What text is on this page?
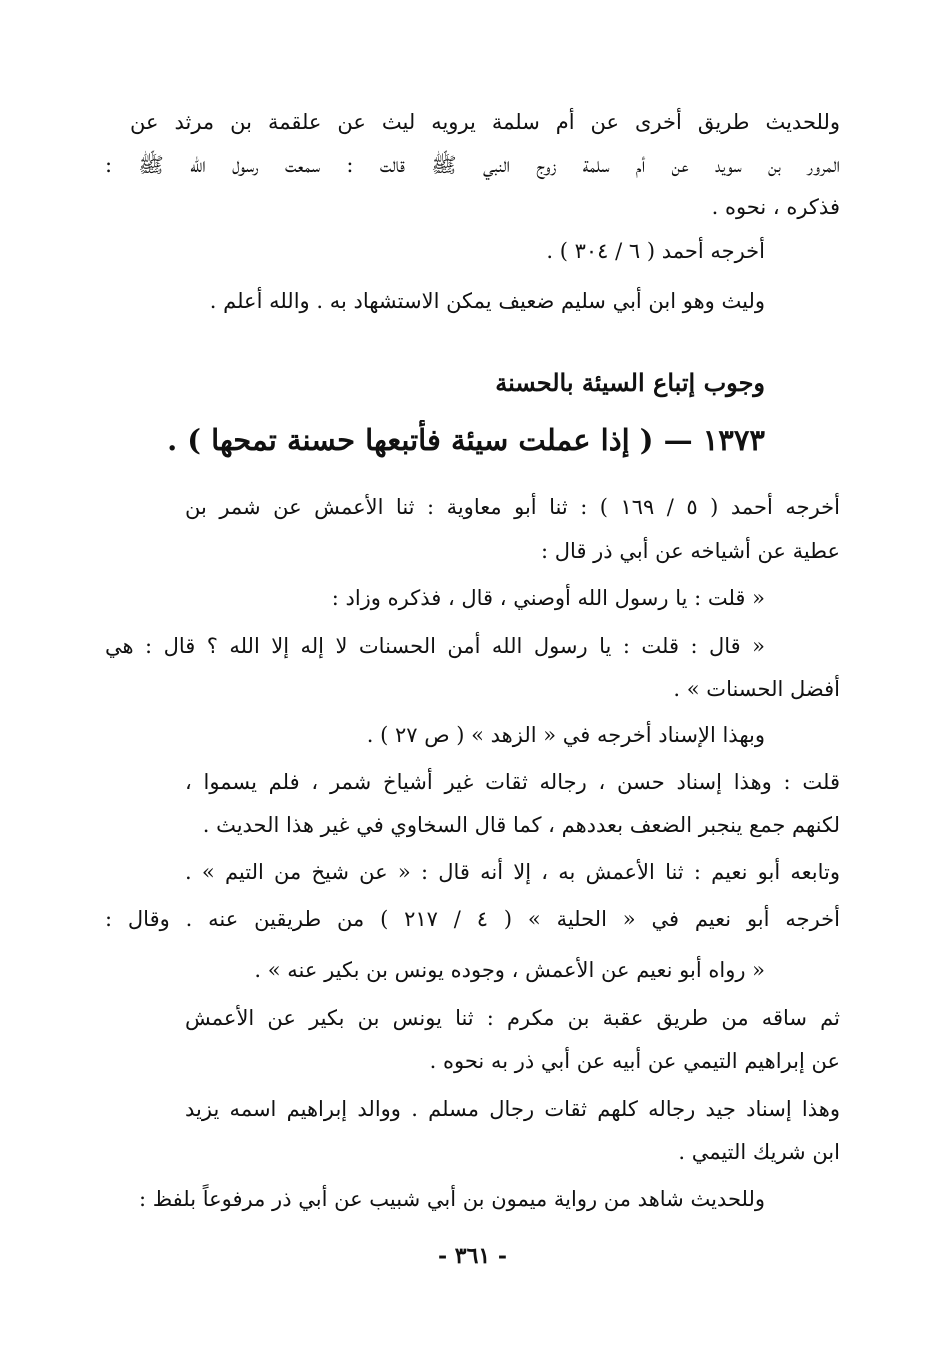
وللحديث طريق أخرى عن أم سلمة يرويه ليث عن علقمة بن مرثد عن
المرور بن سويد عن أم سلمة زوج النبي ﷺ قالت : سمعت رسول الله ﷺ :
فذكره ، نحوه .
أخرجه أحمد ( ٦ / ٣٠٤ ) .
وليث وهو ابن أبي سليم ضعيف يمكن الاستشهاد به . والله أعلم .
وجوب إتباع السيئة بالحسنة
١٣٧٣ — ( إذا عملت سيئة فأتبعها حسنة تمحها ) .
أخرجه أحمد ( ٥ / ١٦٩ ) : ثنا أبو معاوية : ثنا الأعمش عن شمر بن
عطية عن أشياخه عن أبي ذر قال :
« قلت : يا رسول الله أوصني ، قال ، فذكره وزاد :
« قال : قلت : يا رسول الله أمن الحسنات لا إله إلا الله ؟ قال : هي
أفضل الحسنات » .
وبهذا الإسناد أخرجه في « الزهد » ( ص ٢٧ ) .
قلت : وهذا إسناد حسن ، رجاله ثقات غير أشياخ شمر ، فلم يسموا ،
لكنهم جمع ينجبر الضعف بعددهم ، كما قال السخاوي في غير هذا الحديث .
وتابعه أبو نعيم : ثنا الأعمش به ، إلا أنه قال : « عن شيخ من التيم » .
أخرجه أبو نعيم في « الحلية » ( ٤ / ٢١٧ ) من طريقين عنه . وقال :
« رواه أبو نعيم عن الأعمش ، وجوده يونس بن بكير عنه » .
ثم ساقه من طريق عقبة بن مكرم : ثنا يونس بن بكير عن الأعمش
عن إبراهيم التيمي عن أبيه عن أبي ذر به نحوه .
وهذا إسناد جيد رجاله كلهم ثقات رجال مسلم . ووالد إبراهيم اسمه يزيد
ابن شريك التيمي .
وللحديث شاهد من رواية ميمون بن أبي شبيب عن أبي ذر مرفوعاً بلفظ :
- ٣٦١ -
